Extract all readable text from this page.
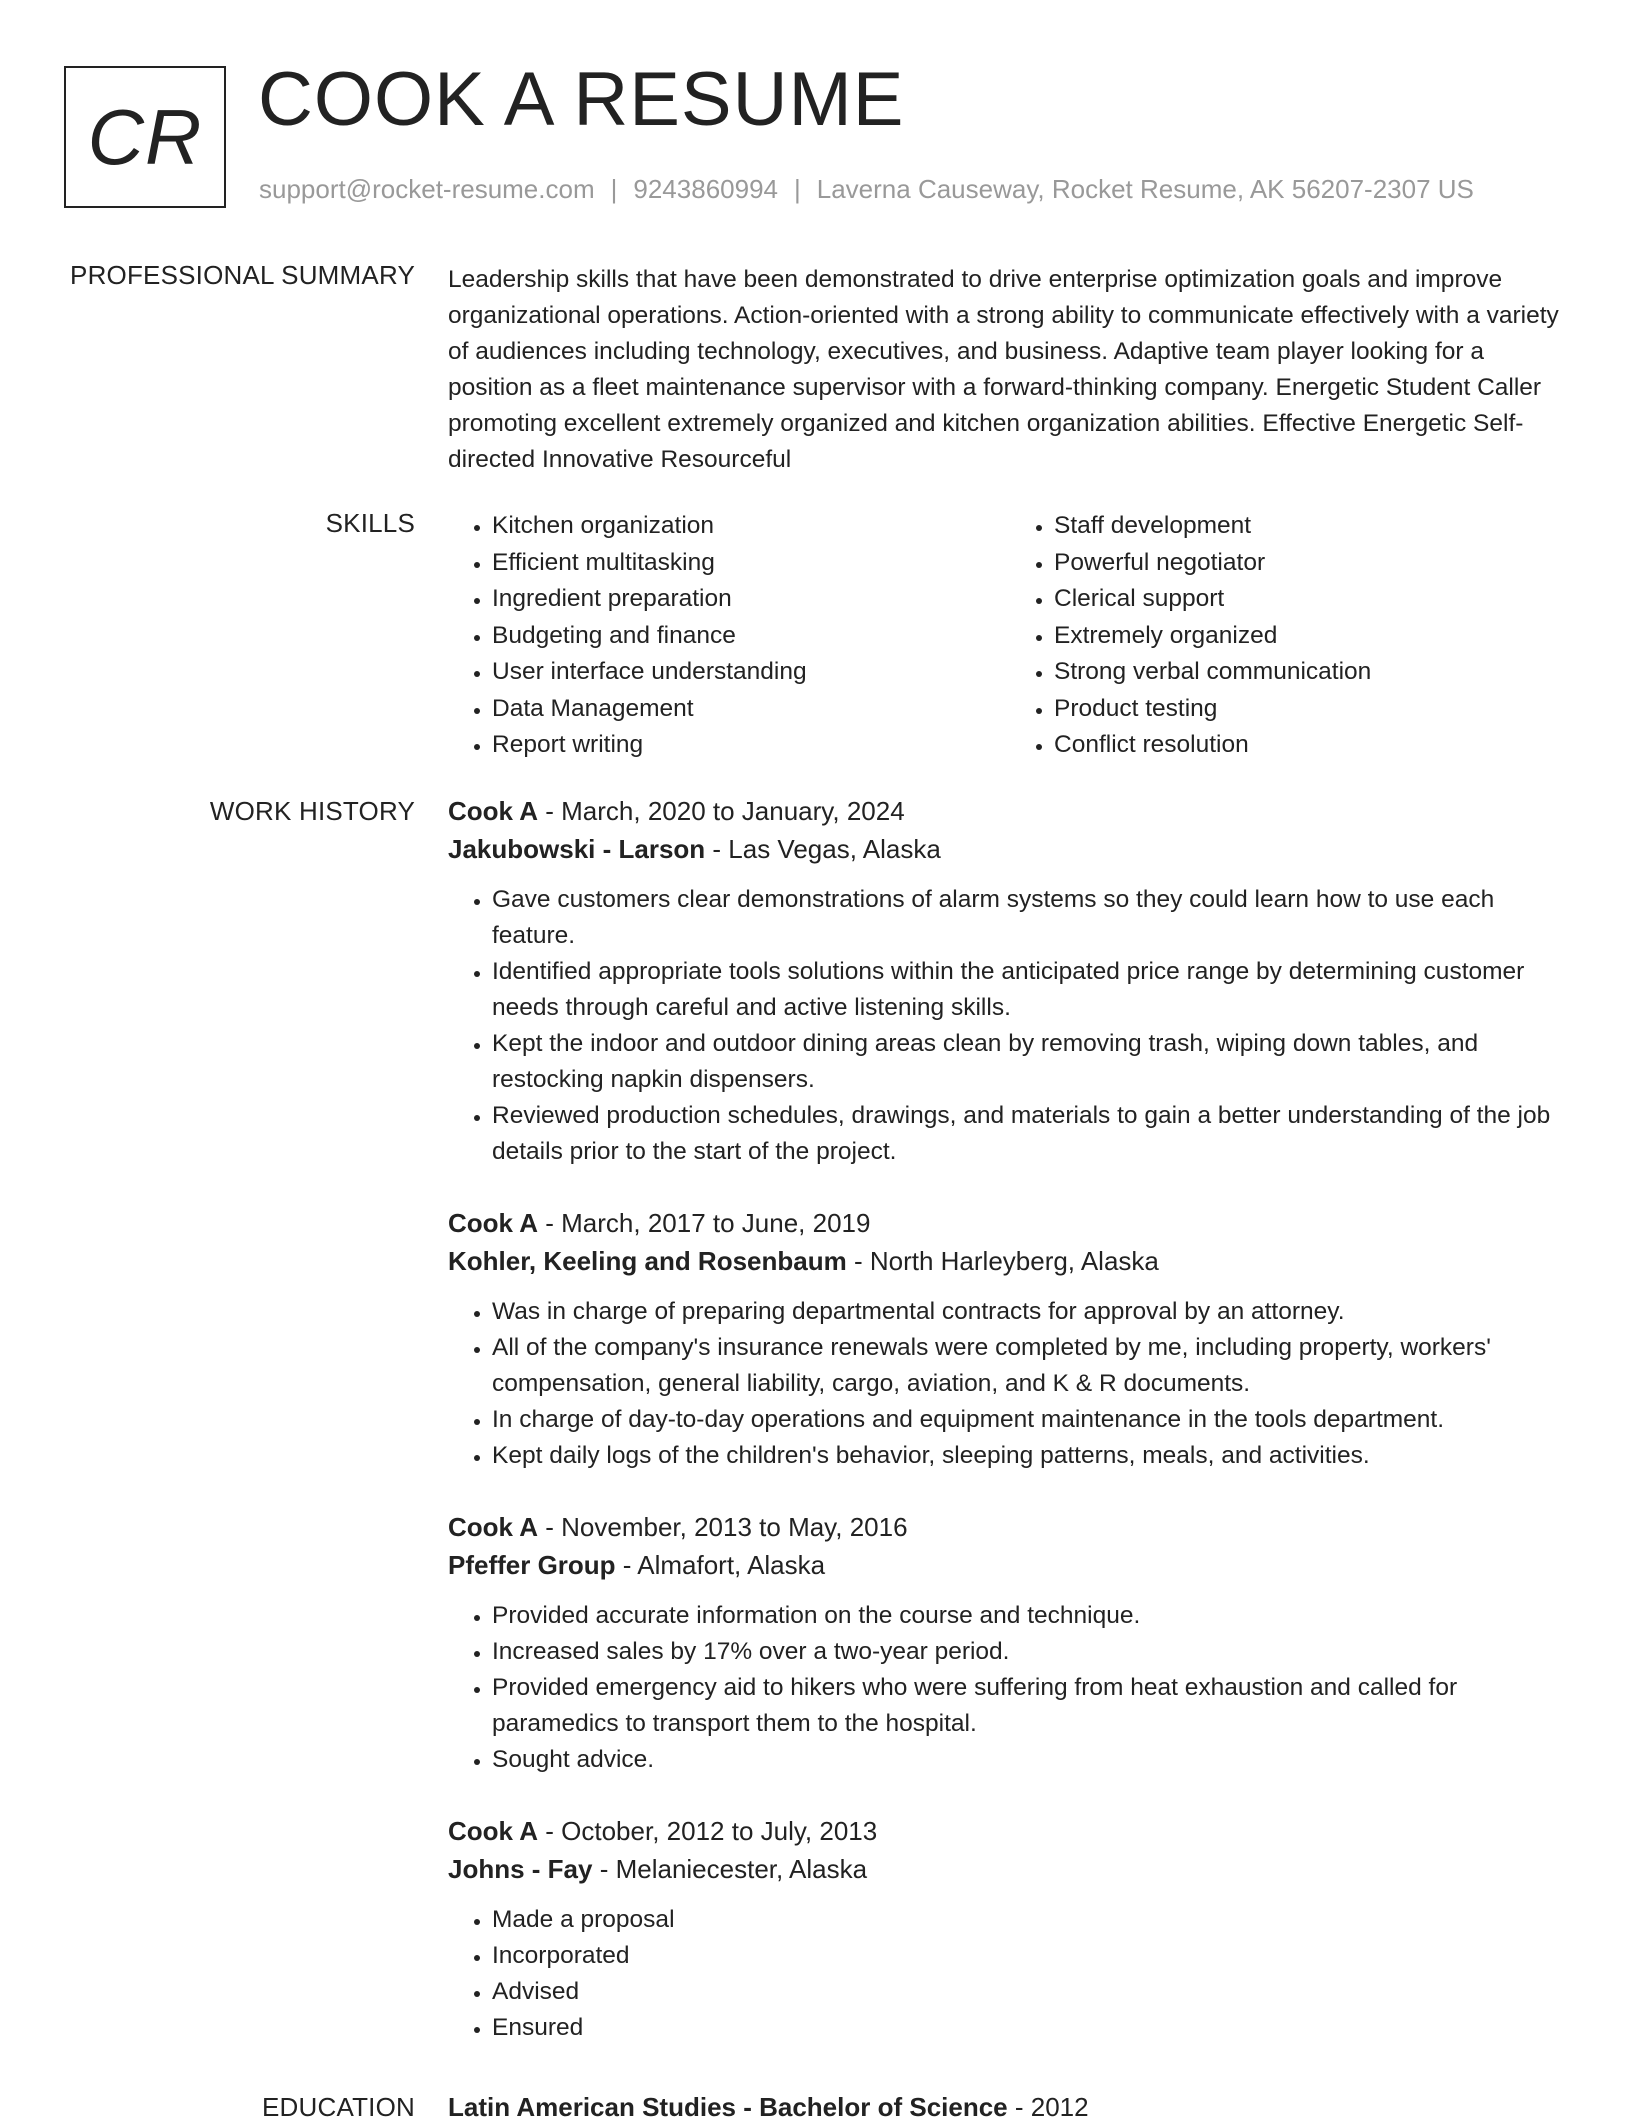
CR COOK A RESUME
support@rocket-resume.com | 9243860994 | Laverna Causeway, Rocket Resume, AK 56207-2307 US
PROFESSIONAL SUMMARY Leadership skills that have been demonstrated to drive enterprise optimization goals and improve organizational operations. Action-oriented with a strong ability to communicate effectively with a variety of audiences including technology, executives, and business. Adaptive team player looking for a position as a fleet maintenance supervisor with a forward-thinking company. Energetic Student Caller promoting excellent extremely organized and kitchen organization abilities. Effective Energetic Self-directed Innovative Resourceful

SKILLS
•	Kitchen organization
• Efficient multitasking
• Ingredient preparation
• Budgeting and finance
• User interface understanding
• Data Management
• Report writing
• Staff development
• Powerful negotiator
• Clerical support
• Extremely organized
• Strong verbal communication
• Product testing
• Conflict resolution
WORK HISTORY Cook A - March, 2020 to January, 2024
Jakubowski - Larson - Las Vegas, Alaska
• Gave customers clear demonstrations of alarm systems so they could learn how to use each feature.
• Identified appropriate tools solutions within the anticipated price range by determining customer needs through careful and active listening skills.
• Kept the indoor and outdoor dining areas clean by removing trash, wiping down tables, and restocking napkin dispensers.
• Reviewed production schedules, drawings, and materials to gain a better understanding of the job details prior to the start of the project.
Cook A - March, 2017 to June, 2019
Kohler, Keeling and Rosenbaum - North Harleyberg, Alaska
• Was in charge of preparing departmental contracts for approval by an attorney.
• All of the company's insurance renewals were completed by me, including property, workers' compensation, general liability, cargo, aviation, and K & R documents.
• In charge of day-to-day operations and equipment maintenance in the tools department.
• Kept daily logs of the children's behavior, sleeping patterns, meals, and activities.
Cook A - November, 2013 to May, 2016
Pfeffer Group - Almafort, Alaska
• Provided accurate information on the course and technique.
• Increased sales by 17% over a two-year period.
• Provided emergency aid to hikers who were suffering from heat exhaustion and called for paramedics to transport them to the hospital.
• Sought advice.
Cook A - October, 2012 to July, 2013
Johns - Fay - Melaniecester, Alaska
• Made a proposal
• Incorporated
• Advised
• Ensured
EDUCATION Latin American Studies - Bachelor of Science - 2012
